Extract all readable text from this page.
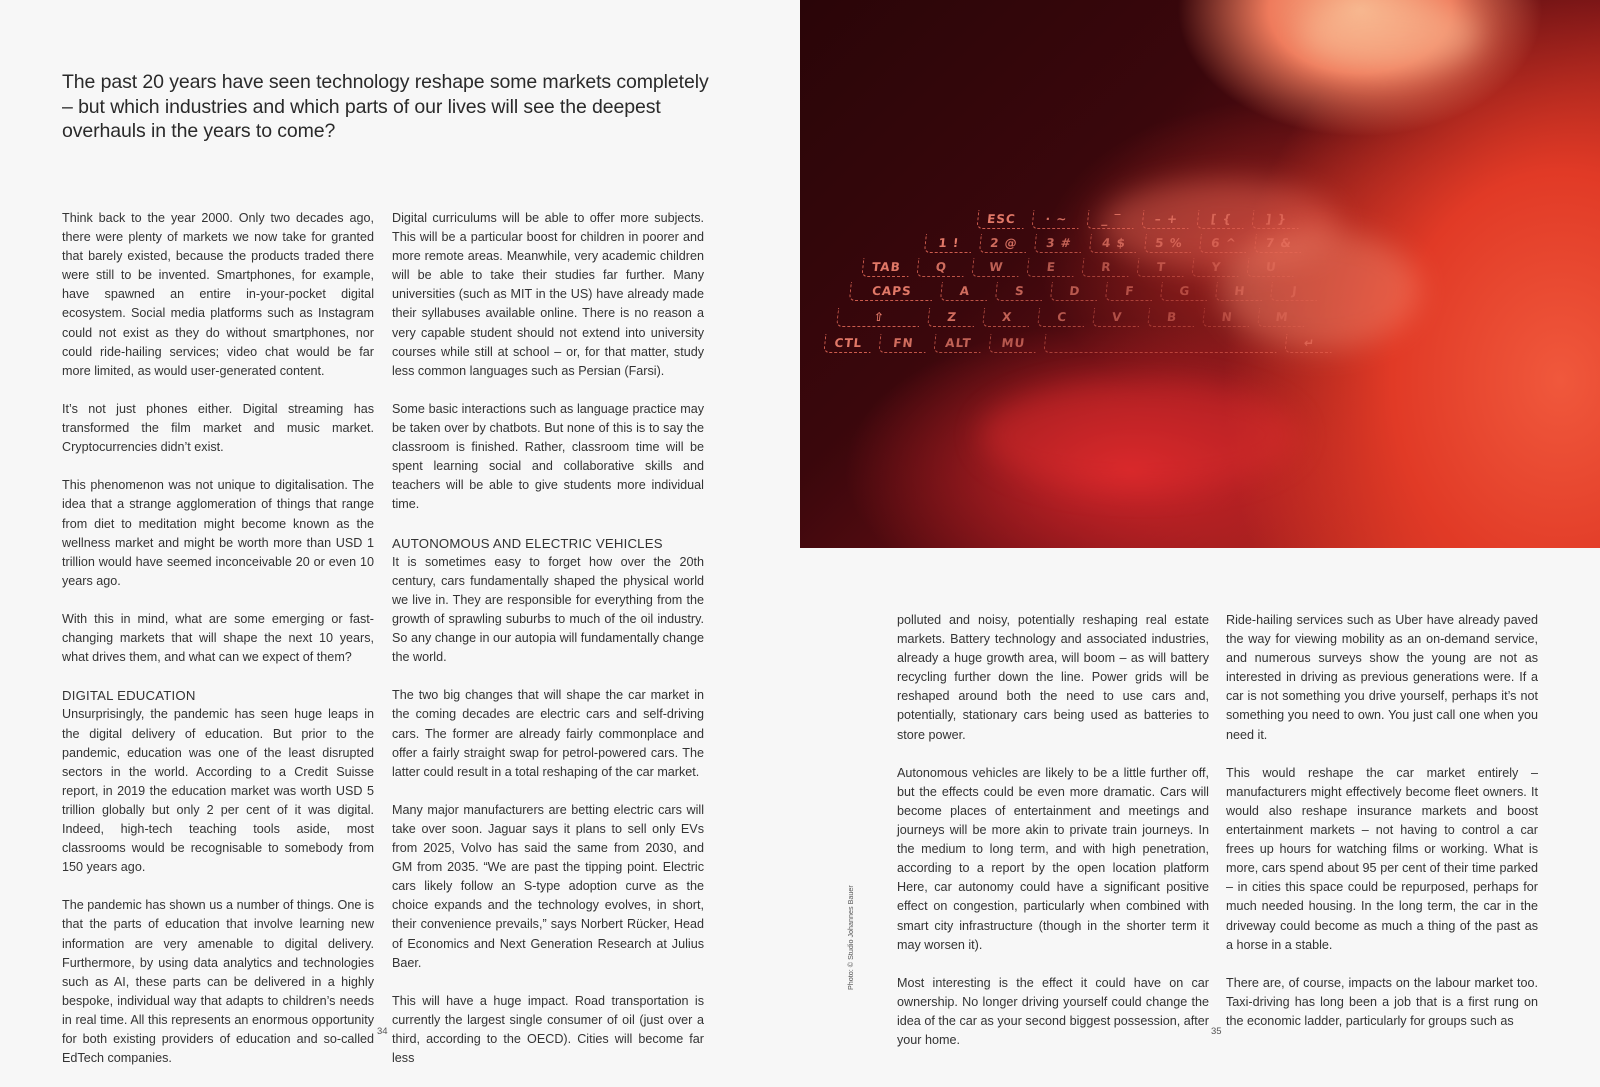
The past 20 years have seen technology reshape some markets completely – but which industries and which parts of our lives will see the deepest overhauls in the years to come?

Think back to the year 2000. Only two decades ago, there were plenty of markets we now take for granted that barely existed, because the products traded there were still to be invented. Smartphones, for example, have spawned an entire in-your-pocket digital ecosystem. Social media platforms such as Instagram could not exist as they do without smartphones, nor could ride-hailing services; video chat would be far more limited, as would user-generated content.

It’s not just phones either. Digital streaming has transformed the film market and music market. Cryptocurrencies didn’t exist.

This phenomenon was not unique to digitalisation. The idea that a strange agglomeration of things that range from diet to meditation might become known as the wellness market and might be worth more than USD 1 trillion would have seemed inconceivable 20 or even 10 years ago.

With this in mind, what are some emerging or fast-changing markets that will shape the next 10 years, what drives them, and what can we expect of them?

DIGITAL EDUCATION

Unsurprisingly, the pandemic has seen huge leaps in the digital delivery of education. But prior to the pandemic, education was one of the least disrupted sectors in the world. According to a Credit Suisse report, in 2019 the education market was worth USD 5 trillion globally but only 2 per cent of it was digital. Indeed, high-tech teaching tools aside, most classrooms would be recognisable to somebody from 150 years ago.

The pandemic has shown us a number of things. One is that the parts of education that involve learning new information are very amenable to digital delivery. Furthermore, by using data analytics and technologies such as AI, these parts can be delivered in a highly bespoke, individual way that adapts to children’s needs in real time. All this represents an enormous opportunity for both existing providers of education and so-called EdTech companies.

Digital curriculums will be able to offer more subjects. This will be a particular boost for children in poorer and more remote areas. Meanwhile, very academic children will be able to take their studies far further. Many universities (such as MIT in the US) have already made their syllabuses available online. There is no reason a very capable student should not extend into university courses while still at school – or, for that matter, study less common languages such as Persian (Farsi).

Some basic interactions such as language practice may be taken over by chatbots. But none of this is to say the classroom is finished. Rather, classroom time will be spent learning social and collaborative skills and teachers will be able to give students more individual time.

AUTONOMOUS AND ELECTRIC VEHICLES

It is sometimes easy to forget how over the 20th century, cars fundamentally shaped the physical world we live in. They are responsible for everything from the growth of sprawling suburbs to much of the oil industry. So any change in our autopia will fundamentally change the world.

The two big changes that will shape the car market in the coming decades are electric cars and self-driving cars. The former are already fairly commonplace and offer a fairly straight swap for petrol-powered cars. The latter could result in a total reshaping of the car market.

Many major manufacturers are betting electric cars will take over soon. Jaguar says it plans to sell only EVs from 2025, Volvo has said the same from 2030, and GM from 2035. “We are past the tipping point. Electric cars likely follow an S-type adoption curve as the choice expands and the technology evolves, in short, their convenience prevails,” says Norbert Rücker, Head of Economics and Next Generation Research at Julius Baer.

This will have a huge impact. Road transportation is currently the largest single consumer of oil (just over a third, according to the OECD). Cities will become far less

34
ESC	· ~	_ ‾	– +	[ {	] }
1 !	2 @	3 #	4 $	5 %	6 ^	7 &
TAB	Q	W	E	R	T	Y	U
CAPS	A	S	D	F	G	H	J
⇧	Z	X	C	V	B	N	M
CTL	FN	ALT	MU	↵
Photo: © Studio Johannes Bauer

polluted and noisy, potentially reshaping real estate markets. Battery technology and associated industries, already a huge growth area, will boom – as will battery recycling further down the line. Power grids will be reshaped around both the need to use cars and, potentially, stationary cars being used as batteries to store power.

Autonomous vehicles are likely to be a little further off, but the effects could be even more dramatic. Cars will become places of entertainment and meetings and journeys will be more akin to private train journeys. In the medium to long term, and with high penetration, according to a report by the open location platform Here, car autonomy could have a significant positive effect on congestion, particularly when combined with smart city infrastructure (though in the shorter term it may worsen it).

Most interesting is the effect it could have on car ownership. No longer driving yourself could change the idea of the car as your second biggest possession, after your home.

Ride-hailing services such as Uber have already paved the way for viewing mobility as an on-demand service, and numerous surveys show the young are not as interested in driving as previous generations were. If a car is not something you drive yourself, perhaps it’s not something you need to own. You just call one when you need it.

This would reshape the car market entirely – manufacturers might effectively become fleet owners. It would also reshape insurance markets and boost entertainment markets – not having to control a car frees up hours for watching films or working. What is more, cars spend about 95 per cent of their time parked – in cities this space could be repurposed, perhaps for much needed housing. In the long term, the car in the driveway could become as much a thing of the past as a horse in a stable.

There are, of course, impacts on the labour market too. Taxi-driving has long been a job that is a first rung on the economic ladder, particularly for groups such as

35
